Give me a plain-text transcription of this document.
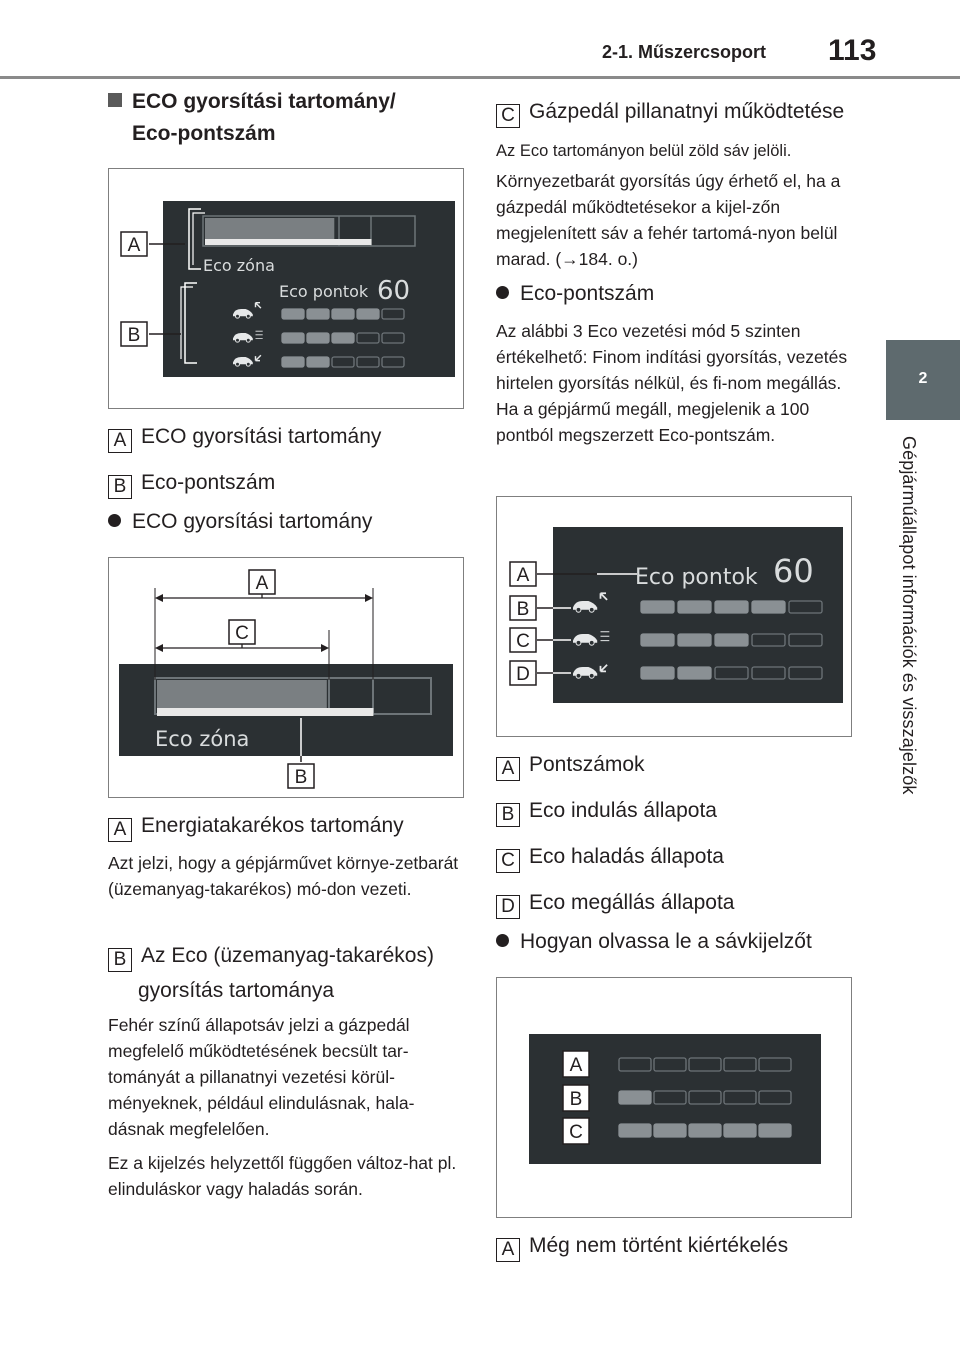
2-1. Műszercsoport 113
2
Gépjárműállapot információk és visszajelzők
ECO gyorsítási tartomány/
Eco-pontszám
Eco zóna
Eco pontok 60
A
B
A ECO gyorsítási tartomány
B Eco-pontszám
ECO gyorsítási tartomány
Eco zóna
A
C
B
A Energiatakarékos tartomány
Azt jelzi, hogy a gépjárművet környe-zetbarát (üzemanyag-takarékos) mó-don vezeti.
B Az Eco (üzemanyag-takarékos)
gyorsítás tartománya
Fehér színű állapotsáv jelzi a gázpedál megfelelő működtetésének becsült tar-tományát a pillanatnyi vezetési körül-ményeknek, például elindulásnak, hala-dásnak megfelelően.
Ez a kijelzés helyzettől függően változ-hat pl. elinduláskor vagy haladás során.
C Gázpedál pillanatnyi működtetése
Az Eco tartományon belül zöld sáv jelöli.
Környezetbarát gyorsítás úgy érhető el, ha a gázpedál működtetésekor a kijel-zőn megjelenített sáv a fehér tartomá-nyon belül marad. (→184. o.)
Eco-pontszám
Az alábbi 3 Eco vezetési mód 5 szinten értékelhető: Finom indítási gyorsítás, vezetés hirtelen gyorsítás nélkül, és fi-nom megállás. Ha a gépjármű megáll, megjelenik a 100 pontból megszerzett Eco-pontszám.
Eco pontok 60
A
B
C
D
A Pontszámok
B Eco indulás állapota
C Eco haladás állapota
D Eco megállás állapota
Hogyan olvassa le a sávkijelzőt
A
B
C
A Még nem történt kiértékelés
